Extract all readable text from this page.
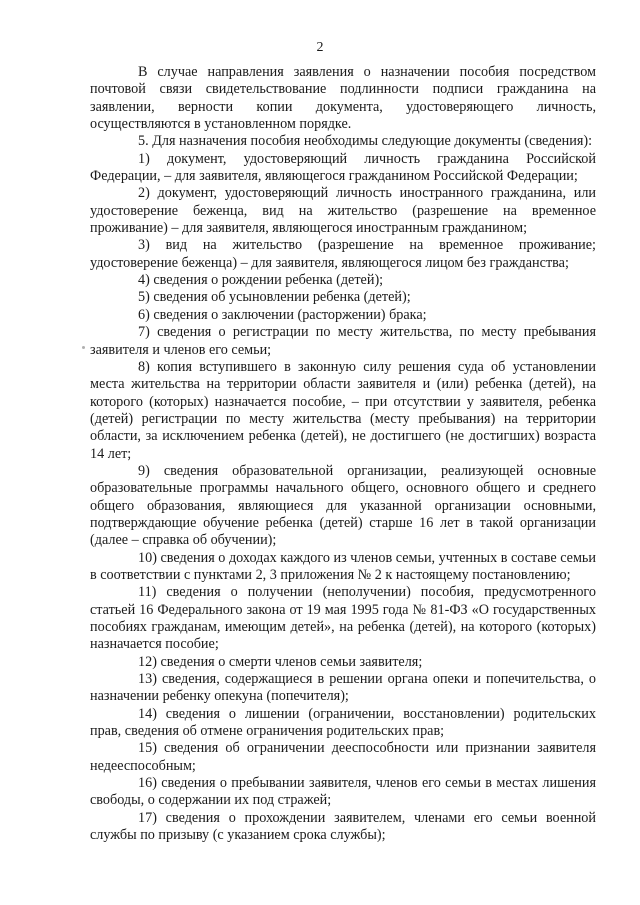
2

В случае направления заявления о назначении пособия посредством почтовой связи свидетельствование подлинности подписи гражданина на заявлении, верности копии документа, удостоверяющего личность, осуществляются в установленном порядке.

5. Для назначения пособия необходимы следующие документы (сведения):

1) документ, удостоверяющий личность гражданина Российской Федерации, – для заявителя, являющегося гражданином Российской Федерации;

2) документ, удостоверяющий личность иностранного гражданина, или удостоверение беженца, вид на жительство (разрешение на временное проживание) – для заявителя, являющегося иностранным гражданином;

3) вид на жительство (разрешение на временное проживание; удостоверение беженца) – для заявителя, являющегося лицом без гражданства;

4) сведения о рождении ребенка (детей);

5) сведения об усыновлении ребенка (детей);

6) сведения о заключении (расторжении) брака;

7) сведения о регистрации по месту жительства, по месту пребывания заявителя и членов его семьи;

8) копия вступившего в законную силу решения суда об установлении места жительства на территории области заявителя и (или) ребенка (детей), на которого (которых) назначается пособие, – при отсутствии у заявителя, ребенка (детей) регистрации по месту жительства (месту пребывания) на территории области, за исключением ребенка (детей), не достигшего (не достигших) возраста 14 лет;

9) сведения образовательной организации, реализующей основные образовательные программы начального общего, основного общего и среднего общего образования, являющиеся для указанной организации основными, подтверждающие обучение ребенка (детей) старше 16 лет в такой организации (далее – справка об обучении);

10) сведения о доходах каждого из членов семьи, учтенных в составе семьи в соответствии с пунктами 2, 3 приложения № 2 к настоящему постановлению;

11) сведения о получении (неполучении) пособия, предусмотренного статьей 16 Федерального закона от 19 мая 1995 года № 81-ФЗ «О государственных пособиях гражданам, имеющим детей», на ребенка (детей), на которого (которых) назначается пособие;

12) сведения о смерти членов семьи заявителя;

13) сведения, содержащиеся в решении органа опеки и попечительства, о назначении ребенку опекуна (попечителя);

14) сведения о лишении (ограничении, восстановлении) родительских прав, сведения об отмене ограничения родительских прав;

15) сведения об ограничении дееспособности или признании заявителя недееспособным;

16) сведения о пребывании заявителя, членов его семьи в местах лишения свободы, о содержании их под стражей;

17) сведения о прохождении заявителем, членами его семьи военной службы по призыву (с указанием срока службы);
